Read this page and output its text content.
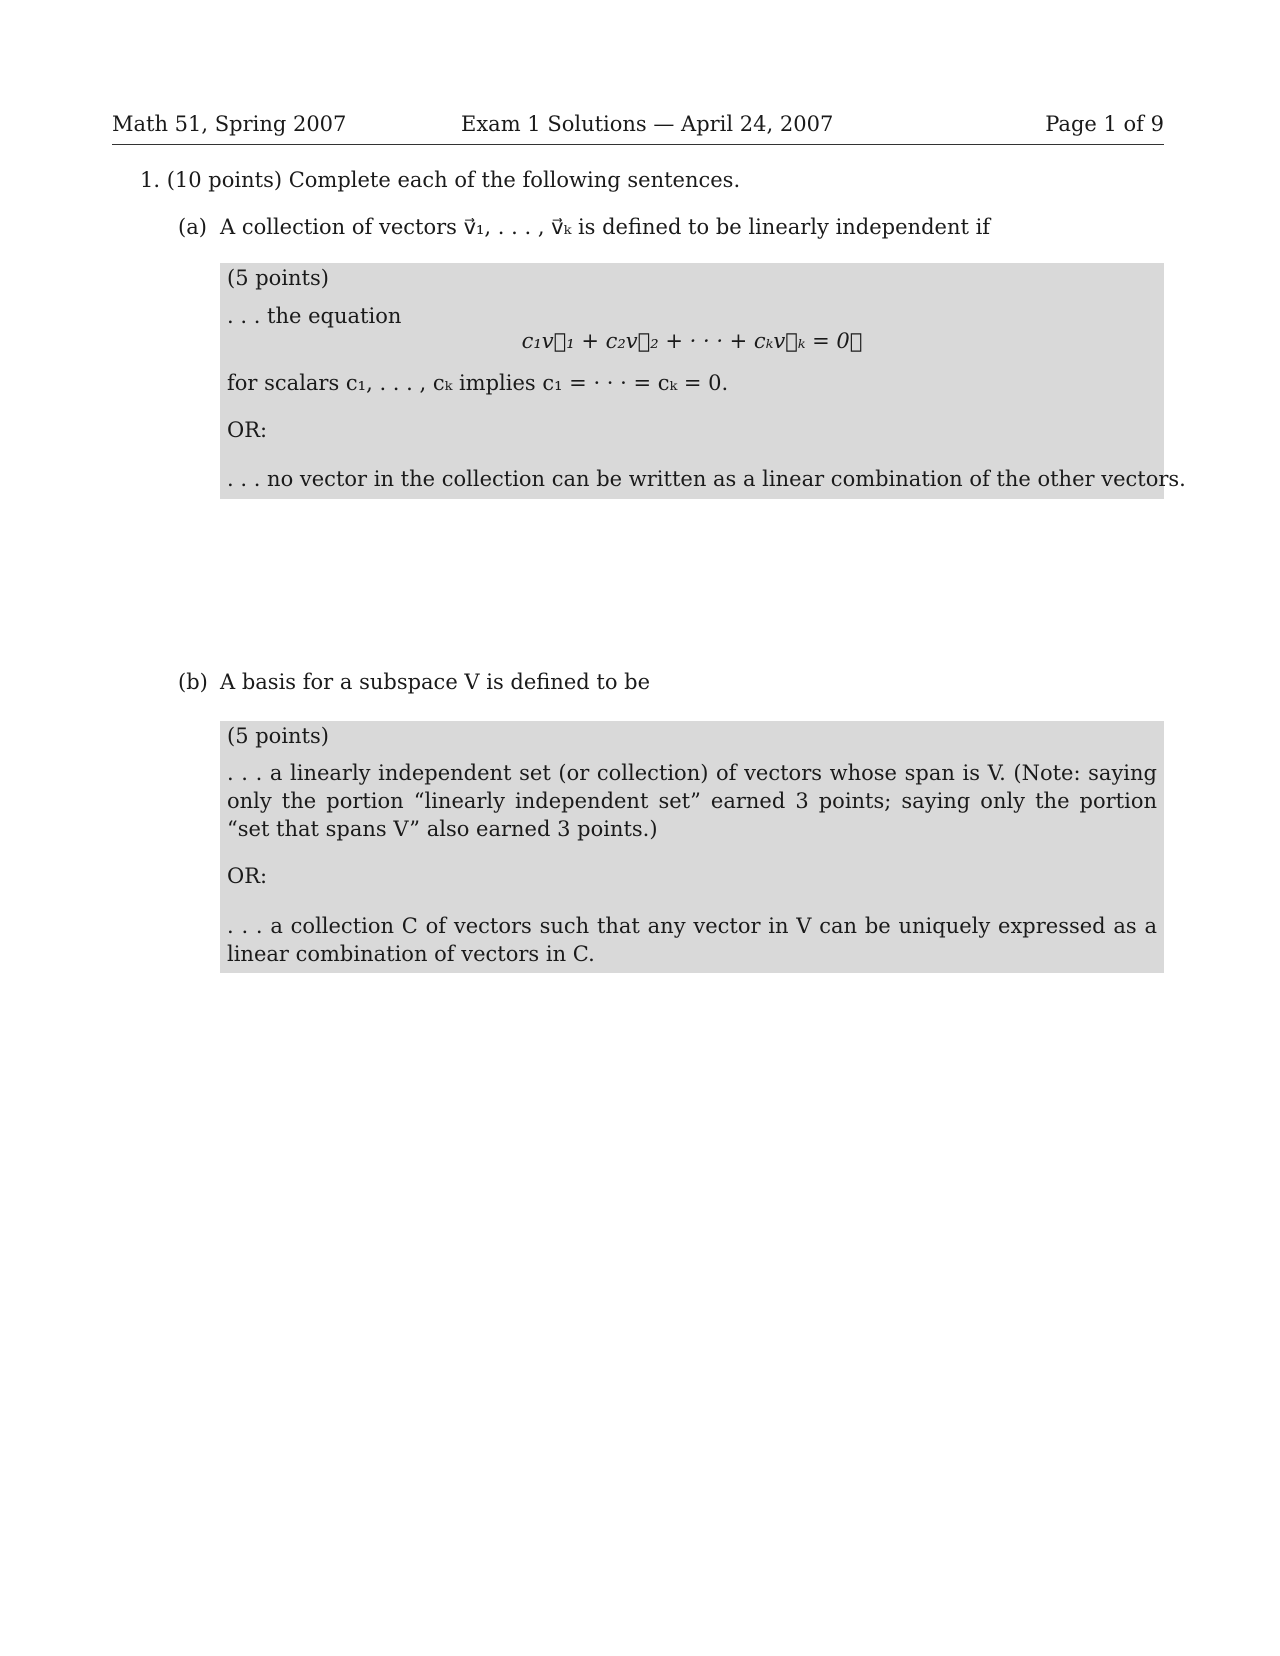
Math 51, Spring 2007	Exam 1 Solutions — April 24, 2007	Page 1 of 9
1. (10 points) Complete each of the following sentences.
(a) A collection of vectors v⃗₁, . . . , v⃗ₖ is defined to be linearly independent if
(5 points)
. . . the equation
c₁v⃗₁ + c₂v⃗₂ + · · · + cₖv⃗ₖ = 0⃗
for scalars c₁, . . . , cₖ implies c₁ = · · · = cₖ = 0.
OR:
. . . no vector in the collection can be written as a linear combination of the other vectors.
(b) A basis for a subspace V is defined to be
(5 points)
. . . a linearly independent set (or collection) of vectors whose span is V. (Note: saying only the portion “linearly independent set” earned 3 points; saying only the portion “set that spans V” also earned 3 points.)
OR:
. . . a collection C of vectors such that any vector in V can be uniquely expressed as a linear combination of vectors in C.
